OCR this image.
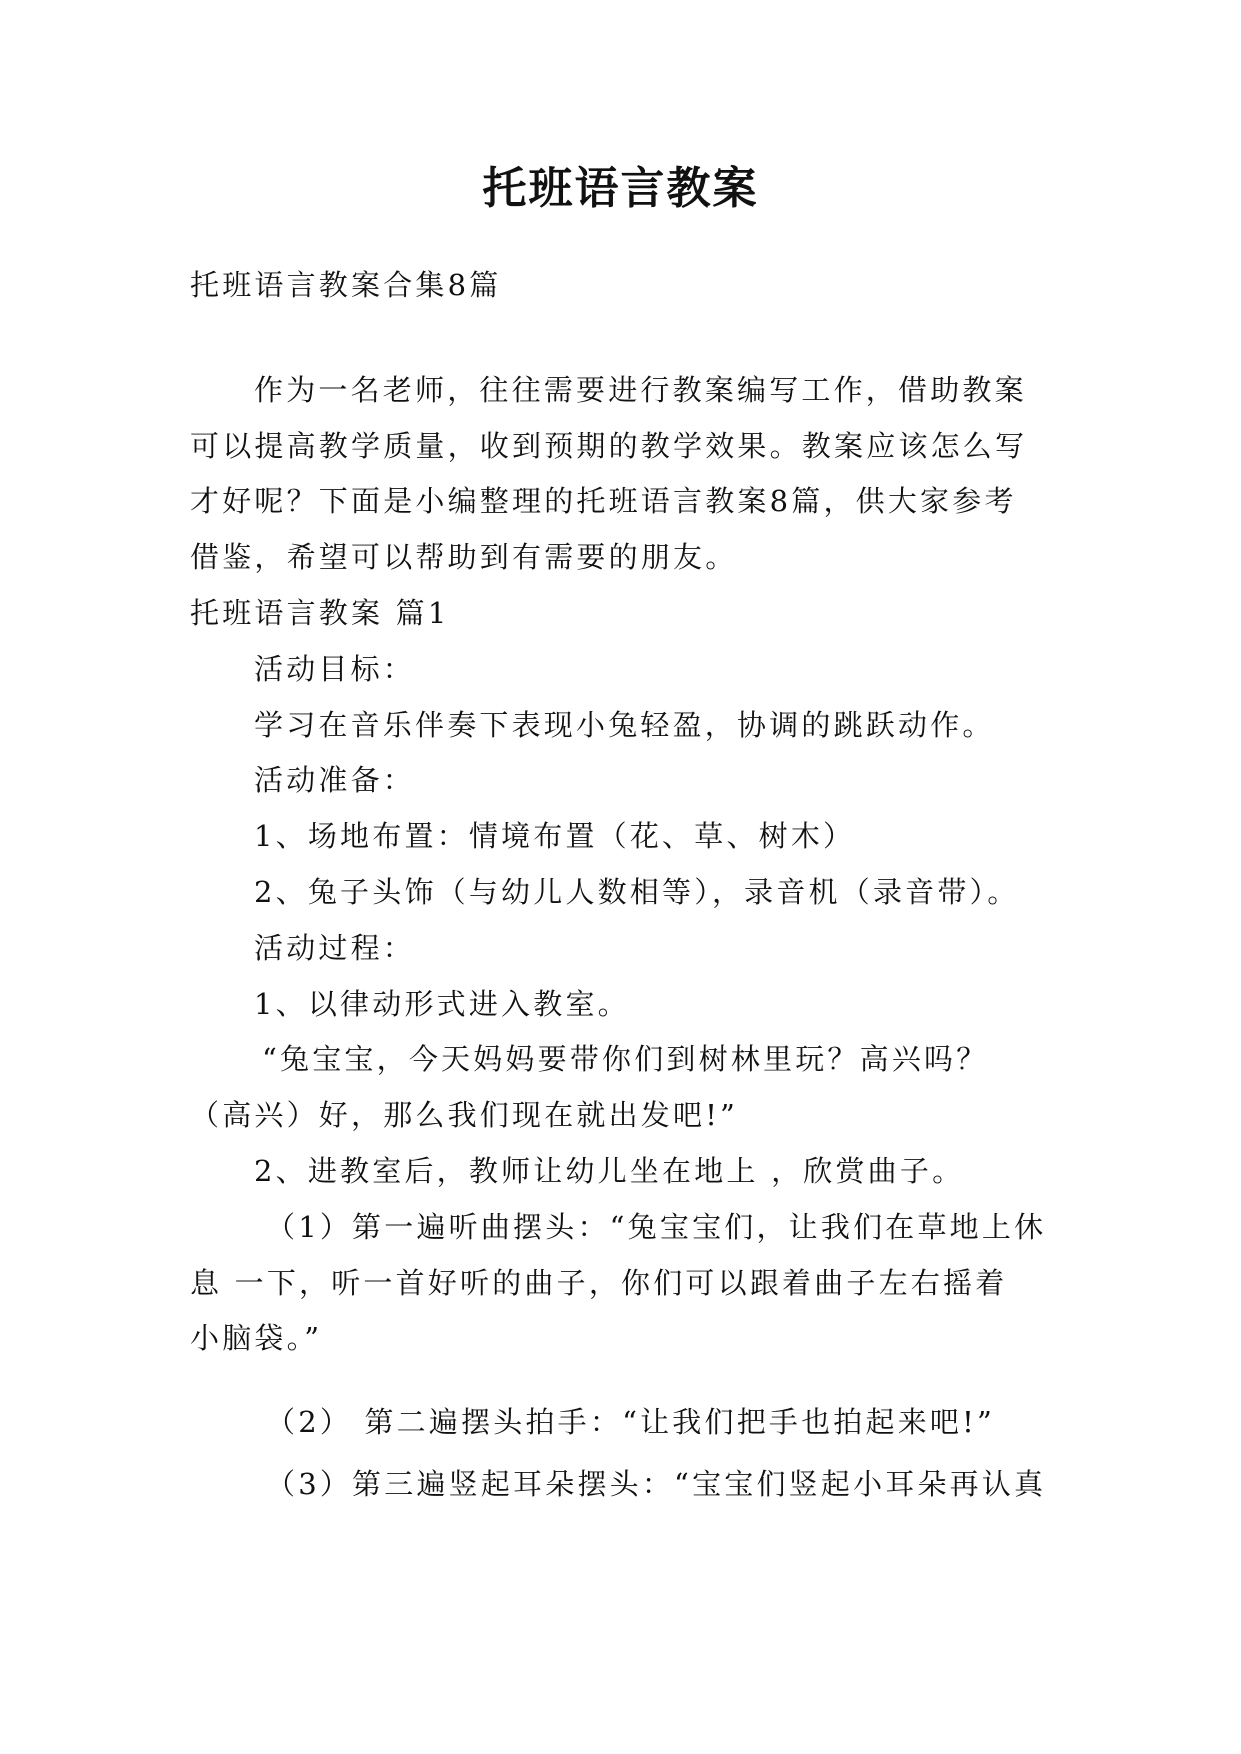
托班语言教案
托班语言教案合集8篇
作为一名老师，往往需要进行教案编写工作，借助教案
可以提高教学质量，收到预期的教学效果。教案应该怎么写
才好呢？下面是小编整理的托班语言教案8篇，供大家参考
借鉴，希望可以帮助到有需要的朋友。
托班语言教案 篇1
活动目标：
学习在音乐伴奏下表现小兔轻盈，协调的跳跃动作。
活动准备：
1、场地布置：情境布置（花、草、树木）
2、兔子头饰（与幼儿人数相等），录音机（录音带）。
活动过程：
1、以律动形式进入教室。
“兔宝宝，今天妈妈要带你们到树林里玩？高兴吗？
（高兴）好，那么我们现在就出发吧!”
2、进教室后，教师让幼儿坐在地上 ，欣赏曲子。
（1）第一遍听曲摆头：“兔宝宝们，让我们在草地上休
息 一下，听一首好听的曲子，你们可以跟着曲子左右摇着
小脑袋。”
（2） 第二遍摆头拍手：“让我们把手也拍起来吧!”
（3）第三遍竖起耳朵摆头：“宝宝们竖起小耳朵再认真
